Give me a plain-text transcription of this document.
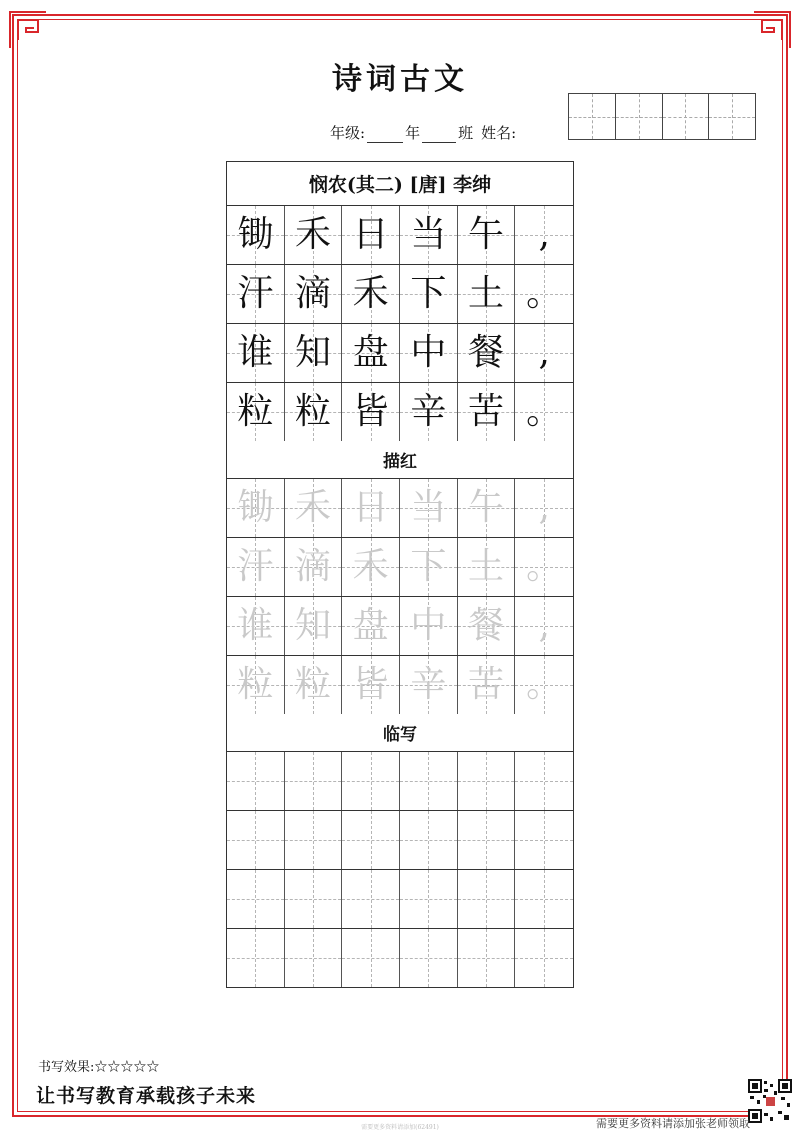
诗词古文
年级:	年	班 姓名:
悯农(其二) [唐] 李绅
锄 禾 日 当 午 ,
汗 滴 禾 下 土 。
谁 知 盘 中 餐 ,
粒 粒 皆 辛 苦 。
描红
锄 禾 日 当 午 ,
汗 滴 禾 下 土 。
谁 知 盘 中 餐 ,
粒 粒 皆 辛 苦 。
临写
书写效果:☆☆☆☆☆
让书写教育承载孩子未来
需要更多资料请添加张老师领取
需要更多资料请添加(62491)
